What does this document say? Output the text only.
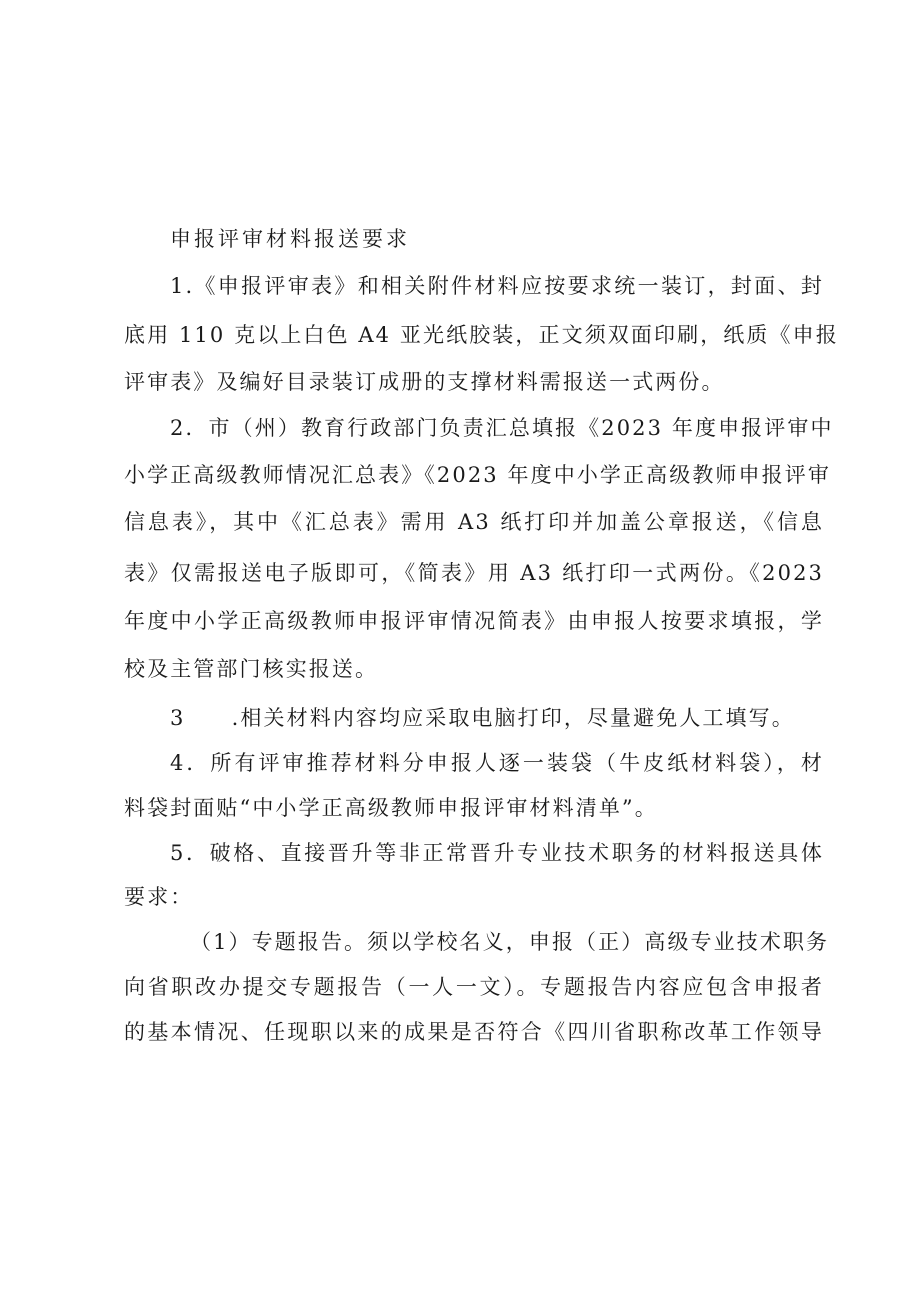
申报评审材料报送要求
1.《申报评审表》和相关附件材料应按要求统一装订，封面、封
底用 110 克以上白色 A4 亚光纸胶装，正文须双面印刷，纸质《申报
评审表》及编好目录装订成册的支撑材料需报送一式两份。
2．市（州）教育行政部门负责汇总填报《2023 年度申报评审中
小学正高级教师情况汇总表》《2023 年度中小学正高级教师申报评审
信息表》，其中《汇总表》需用 A3 纸打印并加盖公章报送，《信息
表》仅需报送电子版即可，《简表》用 A3 纸打印一式两份。《2023
年度中小学正高级教师申报评审情况简表》由申报人按要求填报，学
校及主管部门核实报送。
3　　.相关材料内容均应采取电脑打印，尽量避免人工填写。
4．所有评审推荐材料分申报人逐一装袋（牛皮纸材料袋），材
料袋封面贴“中小学正高级教师申报评审材料清单”。
5．破格、直接晋升等非正常晋升专业技术职务的材料报送具体
要求：
（1）专题报告。须以学校名义，申报（正）高级专业技术职务
向省职改办提交专题报告（一人一文）。专题报告内容应包含申报者
的基本情况、任现职以来的成果是否符合《四川省职称改革工作领导
